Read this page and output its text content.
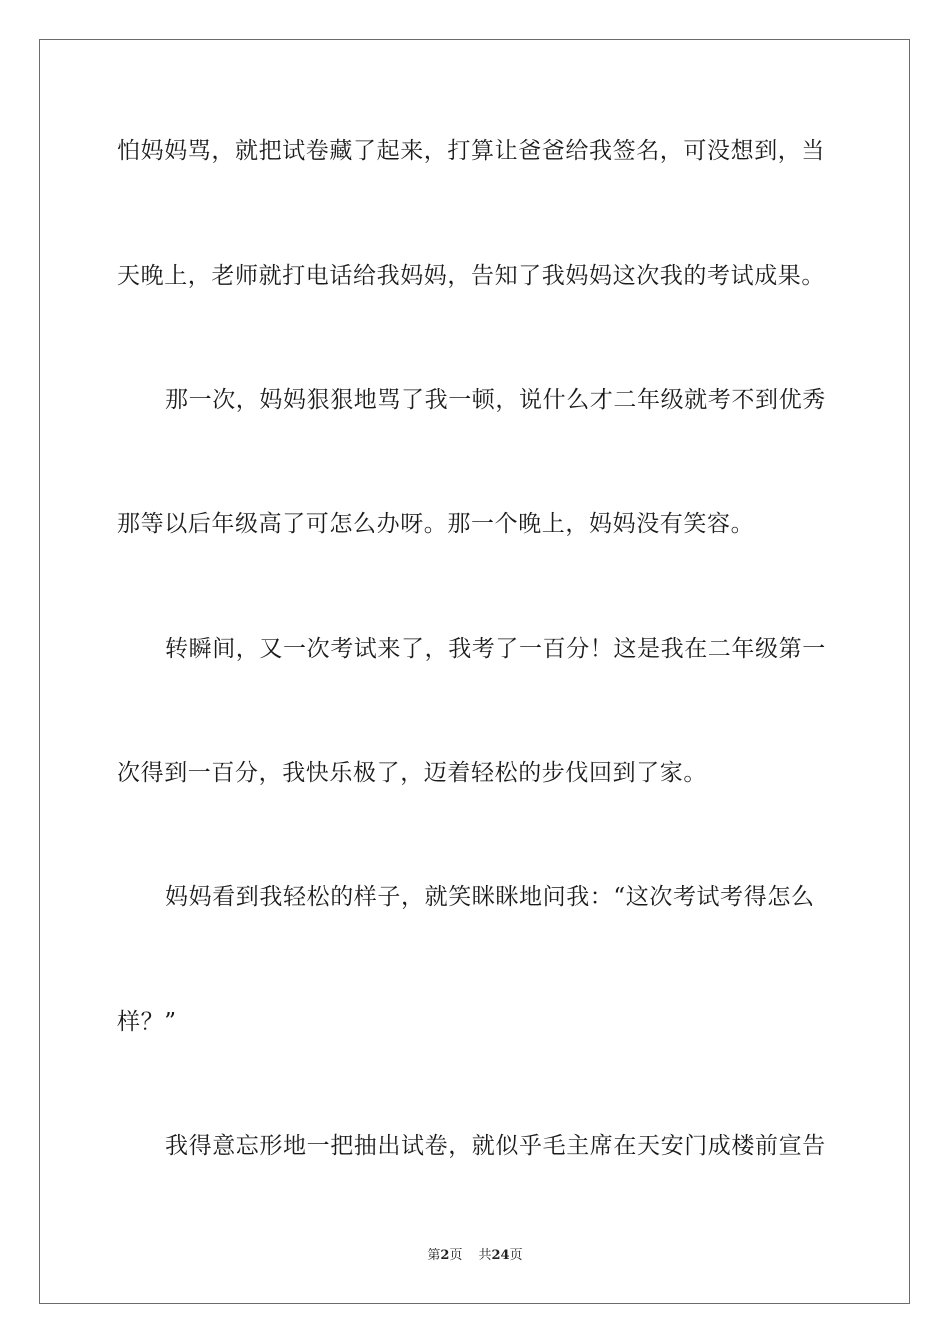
怕妈妈骂，就把试卷藏了起来，打算让爸爸给我签名，可没想到，当
天晚上，老师就打电话给我妈妈，告知了我妈妈这次我的考试成果。
那一次，妈妈狠狠地骂了我一顿，说什么才二年级就考不到优秀
那等以后年级高了可怎么办呀。那一个晚上，妈妈没有笑容。
转瞬间，又一次考试来了，我考了一百分！这是我在二年级第一
次得到一百分，我快乐极了，迈着轻松的步伐回到了家。
妈妈看到我轻松的样子，就笑眯眯地问我：“这次考试考得怎么
样？”
我得意忘形地一把抽出试卷，就似乎毛主席在天安门成楼前宣告
第2页 共24页
